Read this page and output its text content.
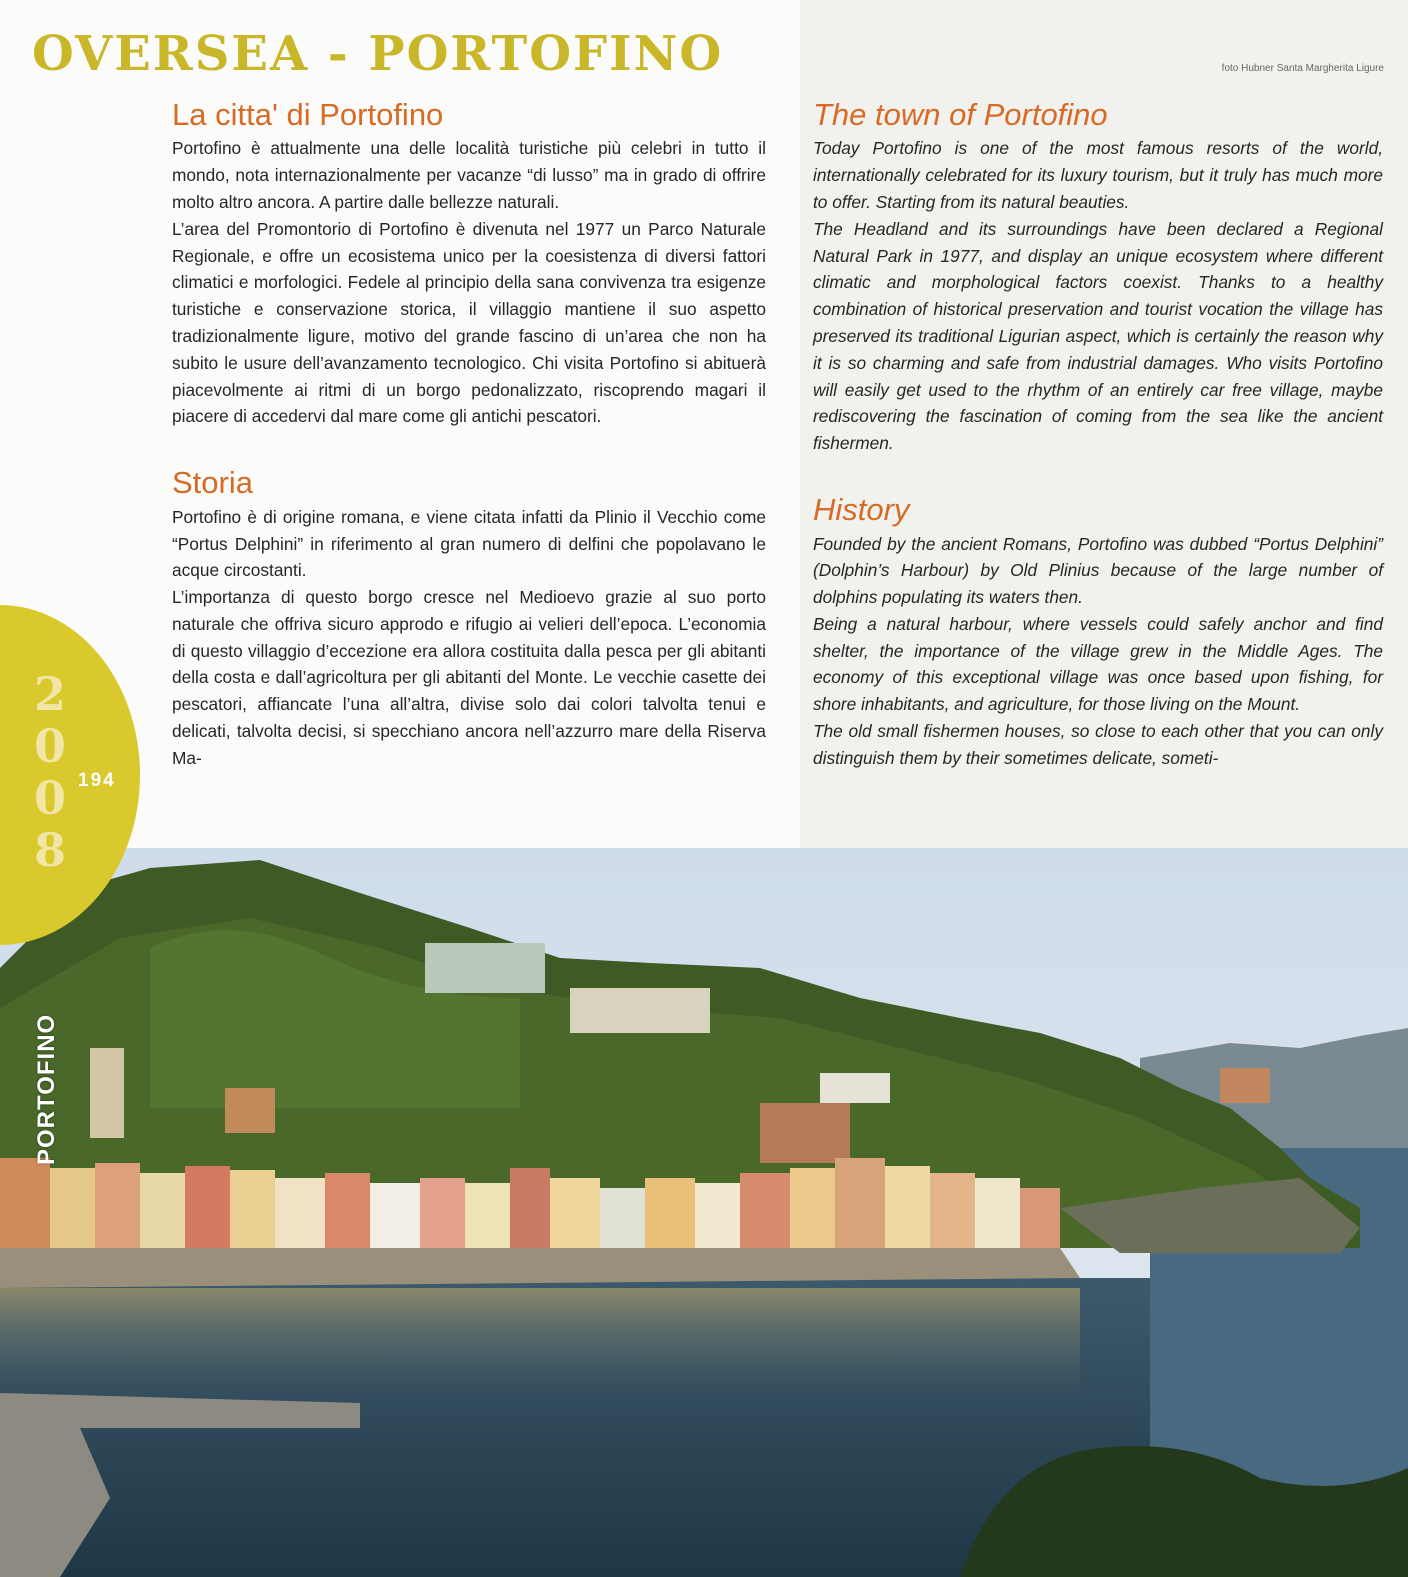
OVERSEA - PORTOFINO	foto Hubner Santa Margherita Ligure
La citta' di Portofino

Portofino è attualmente una delle località turistiche più celebri in tutto il mondo, nota internazionalmente per vacanze “di lusso” ma in grado di offrire molto altro ancora. A partire dalle bellezze naturali.

L’area del Promontorio di Portofino è divenuta nel 1977 un Parco Naturale Regionale, e offre un ecosistema unico per la coesistenza di diversi fattori climatici e morfologici. Fedele al principio della sana convivenza tra esigenze turistiche e conservazione storica, il villaggio mantiene il suo aspetto tradizionalmente ligure, motivo del grande fascino di un’area che non ha subito le usure dell’avanzamento tecnologico. Chi visita Portofino si abituerà piacevolmente ai ritmi di un borgo pedonalizzato, riscoprendo magari il piacere di accedervi dal mare come gli antichi pescatori.

Storia

Portofino è di origine romana, e viene citata infatti da Plinio il Vecchio come “Portus Delphini” in riferimento al gran numero di delfini che popolavano le acque circostanti.

L’importanza di questo borgo cresce nel Medioevo grazie al suo porto naturale che offriva sicuro approdo e rifugio ai velieri dell’epoca. L’economia di questo villaggio d’eccezione era allora costituita dalla pesca per gli abitanti della costa e dall’agricoltura per gli abitanti del Monte. Le vecchie casette dei pescatori, affiancate l’una all’altra, divise solo dai colori talvolta tenui e delicati, talvolta decisi, si specchiano ancora nell’azzurro mare della Riserva Ma-

The town of Portofino

Today Portofino is one of the most famous resorts of the world, internationally celebrated for its luxury tourism, but it truly has much more to offer. Starting from its natural beauties.

The Headland and its surroundings have been declared a Regional Natural Park in 1977, and display an unique ecosystem where different climatic and morphological factors coexist. Thanks to a healthy combination of historical preservation and tourist vocation the village has preserved its traditional Ligurian aspect, which is certainly the reason why it is so charming and safe from industrial damages. Who visits Portofino will easily get used to the rhythm of an entirely car free village, maybe rediscovering the fascination of coming from the sea like the ancient fishermen.

History

Founded by the ancient Romans, Portofino was dubbed “Portus Delphini” (Dolphin’s Harbour) by Old Plinius because of the large number of dolphins populating its waters then.

Being a natural harbour, where vessels could safely anchor and find shelter, the importance of the village grew in the Middle Ages. The economy of this exceptional village was once based upon fishing, for shore inhabitants, and agriculture, for those living on the Mount.

The old small fishermen houses, so close to each other that you can only distinguish them by their sometimes delicate, someti-

2
0
0
8
194
PORTOFINO
